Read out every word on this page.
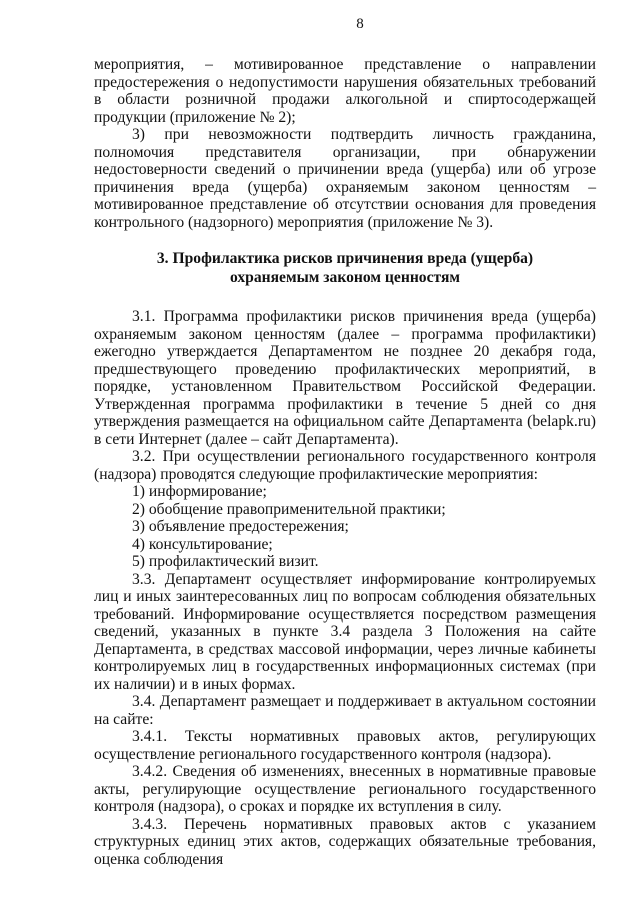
8

мероприятия, – мотивированное представление о направлении предостережения о недопустимости нарушения обязательных требований в области розничной продажи алкогольной и спиртосодержащей продукции (приложение № 2);

3) при невозможности подтвердить личность гражданина, полномочия представителя организации, при обнаружении недостоверности сведений о причинении вреда (ущерба) или об угрозе причинения вреда (ущерба) охраняемым законом ценностям – мотивированное представление об отсутствии основания для проведения контрольного (надзорного) мероприятия (приложение № 3).

3. Профилактика рисков причинения вреда (ущерба)
охраняемым законом ценностям

3.1. Программа профилактики рисков причинения вреда (ущерба) охраняемым законом ценностям (далее – программа профилактики) ежегодно утверждается Департаментом не позднее 20 декабря года, предшествующего проведению профилактических мероприятий, в порядке, установленном Правительством Российской Федерации. Утвержденная программа профилактики в течение 5 дней со дня утверждения размещается на официальном сайте Департамента (belapk.ru) в сети Интернет (далее – сайт Департамента).

3.2. При осуществлении регионального государственного контроля (надзора) проводятся следующие профилактические мероприятия:

1) информирование;

2) обобщение правоприменительной практики;

3) объявление предостережения;

4) консультирование;

5) профилактический визит.

3.3. Департамент осуществляет информирование контролируемых лиц и иных заинтересованных лиц по вопросам соблюдения обязательных требований. Информирование осуществляется посредством размещения сведений, указанных в пункте 3.4 раздела 3 Положения на сайте Департамента, в средствах массовой информации, через личные кабинеты контролируемых лиц в государственных информационных системах (при их наличии) и в иных формах.

3.4. Департамент размещает и поддерживает в актуальном состоянии на сайте:

3.4.1. Тексты нормативных правовых актов, регулирующих осуществление регионального государственного контроля (надзора).

3.4.2. Сведения об изменениях, внесенных в нормативные правовые акты, регулирующие осуществление регионального государственного контроля (надзора), о сроках и порядке их вступления в силу.

3.4.3. Перечень нормативных правовых актов с указанием структурных единиц этих актов, содержащих обязательные требования, оценка соблюдения
